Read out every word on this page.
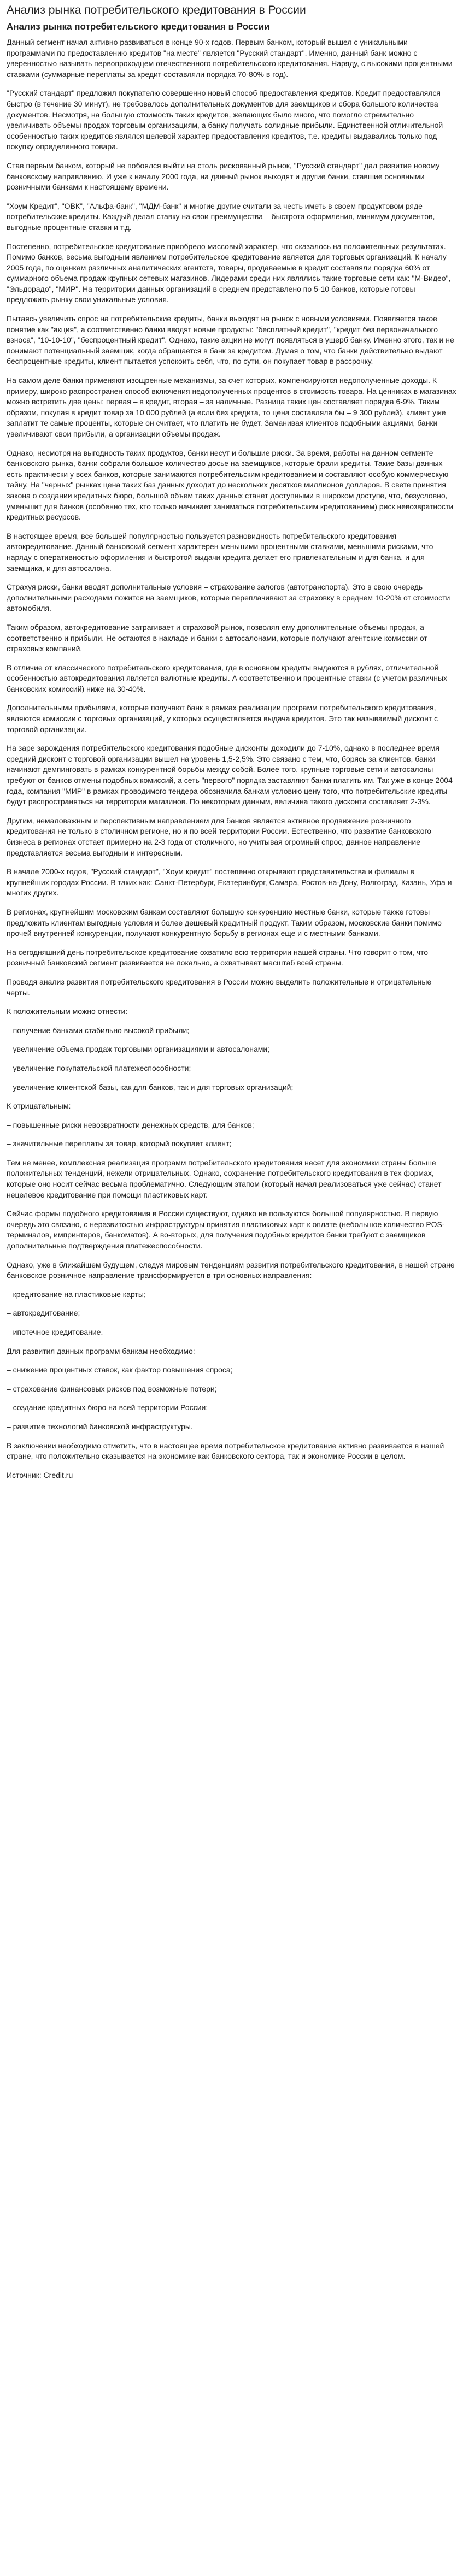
Анализ рынка потребительского кредитования в России
Анализ рынка потребительского кредитования в России

Данный сегмент начал активно развиваться в конце 90-х годов. Первым банком, который вышел с уникальными программами по предоставлению кредитов "на месте" является "Русский стандарт". Именно, данный банк можно с уверенностью называть первопроходцем отечественного потребительского кредитования. Наряду, с высокими процентными ставками (суммарные переплаты за кредит составляли порядка 70-80% в год).

"Русский стандарт" предложил покупателю совершенно новый способ предоставления кредитов. Кредит предоставлялся быстро (в течение 30 минут), не требовалось дополнительных документов для заемщиков и сбора большого количества документов. Несмотря, на большую стоимость таких кредитов, желающих было много, что помогло стремительно увеличивать объемы продаж торговым организациям, а банку получать солидные прибыли. Единственной отличительной особенностью таких кредитов являлся целевой характер предоставления кредитов, т.е. кредиты выдавались только под покупку определенного товара.

Став первым банком, который не побоялся выйти на столь рискованный рынок, "Русский стандарт" дал развитие новому банковскому направлению. И уже к началу 2000 года, на данный рынок выходят и другие банки, ставшие основными розничными банками к настоящему времени.

"Хоум Кредит", "ОВК", "Альфа-банк", "МДМ-банк" и многие другие считали за честь иметь в своем продуктовом ряде потребительские кредиты. Каждый делал ставку на свои преимущества – быстрота оформления, минимум документов, выгодные процентные ставки и т.д.

Постепенно, потребительское кредитование приобрело массовый характер, что сказалось на положительных результатах. Помимо банков, весьма выгодным явлением потребительское кредитование является для торговых организаций. К началу 2005 года, по оценкам различных аналитических агентств, товары, продаваемые в кредит составляли порядка 60% от суммарного объема продаж крупных сетевых магазинов. Лидерами среди них являлись такие торговые сети как: "М-Видео", "Эльдорадо", "МИР". На территории данных организаций в среднем представлено по 5-10 банков, которые готовы предложить рынку свои уникальные условия.

Пытаясь увеличить спрос на потребительские кредиты, банки выходят на рынок с новыми условиями. Появляется такое понятие как "акция", а соответственно банки вводят новые продукты: "бесплатный кредит", "кредит без первоначального взноса", "10-10-10", "беспроцентный кредит". Однако, такие акции не могут появляться в ущерб банку. Именно этого, так и не понимают потенциальный заемщик, когда обращается в банк за кредитом. Думая о том, что банки действительно выдают беспроцентные кредиты, клиент пытается успокоить себя, что, по сути, он покупает товар в рассрочку.

На самом деле банки применяют изощренные механизмы, за счет которых, компенсируются недополученные доходы. К примеру, широко распространен способ включения недополученных процентов в стоимость товара. На ценниках в магазинах можно встретить две цены: первая – в кредит, вторая – за наличные. Разница таких цен составляет порядка 6-9%. Таким образом, покупая в кредит товар за 10 000 рублей (а если без кредита, то цена составляла бы – 9 300 рублей), клиент уже заплатит те самые проценты, которые он считает, что платить не будет. Заманивая клиентов подобными акциями, банки увеличивают свои прибыли, а организации объемы продаж.

Однако, несмотря на выгодность таких продуктов, банки несут и большие риски. За время, работы на данном сегменте банковского рынка, банки собрали большое количество досье на заемщиков, которые брали кредиты. Такие базы данных есть практически у всех банков, которые занимаются потребительским кредитованием и составляют особую коммерческую тайну. На "черных" рынках цена таких баз данных доходит до нескольких десятков миллионов долларов. В свете принятия закона о создании кредитных бюро, большой объем таких данных станет доступными в широком доступе, что, безусловно, уменьшит для банков (особенно тех, кто только начинает заниматься потребительским кредитованием) риск невозвратности кредитных ресурсов.

В настоящее время, все большей популярностью пользуется разновидность потребительского кредитования – автокредитование. Данный банковский сегмент характерен меньшими процентными ставками, меньшими рисками, что наряду с оперативностью оформления и быстротой выдачи кредита делает его привлекательным и для банка, и для заемщика, и для автосалона.

Страхуя риски, банки вводят дополнительные условия – страхование залогов (автотранспорта). Это в свою очередь дополнительными расходами ложится на заемщиков, которые переплачивают за страховку в среднем 10-20% от стоимости автомобиля.

Таким образом, автокредитование затрагивает и страховой рынок, позволяя ему дополнительные объемы продаж, а соответственно и прибыли. Не остаются в накладе и банки с автосалонами, которые получают агентские комиссии от страховых компаний.

В отличие от классического потребительского кредитования, где в основном кредиты выдаются в рублях, отличительной особенностью автокредитования является валютные кредиты. А соответственно и процентные ставки (с учетом различных банковских комиссий) ниже на 30-40%.

Дополнительными прибылями, которые получают банк в рамках реализации программ потребительского кредитования, являются комиссии с торговых организаций, у которых осуществляется выдача кредитов. Это так называемый дисконт с торговой организации.

На заре зарождения потребительского кредитования подобные дисконты доходили до 7-10%, однако в последнее время средний дисконт с торговой организации вышел на уровень 1,5-2,5%. Это связано с тем, что, борясь за клиентов, банки начинают демпинговать в рамках конкурентной борьбы между собой. Более того, крупные торговые сети и автосалоны требуют от банков отмены подобных комиссий, а сеть "первого" порядка заставляют банки платить им. Так уже в конце 2004 года, компания "МИР" в рамках проводимого тендера обозначила банкам условию цену того, что потребительские кредиты будут распространяться на территории магазинов. По некоторым данным, величина такого дисконта составляет 2-3%.

Другим, немаловажным и перспективным направлением для банков является активное продвижение розничного кредитования не только в столичном регионе, но и по всей территории России. Естественно, что развитие банковского бизнеса в регионах отстает примерно на 2-3 года от столичного, но учитывая огромный спрос, данное направление представляется весьма выгодным и интересным.

В начале 2000-х годов, "Русский стандарт", "Хоум кредит" постепенно открывают представительства и филиалы в крупнейших городах России. В таких как: Санкт-Петербург, Екатеринбург, Самара, Ростов-на-Дону, Волгоград, Казань, Уфа и многих других.

В регионах, крупнейшим московским банкам составляют большую конкуренцию местные банки, которые также готовы предложить клиентам выгодные условия и более дешевый кредитный продукт. Таким образом, московские банки помимо прочей внутренней конкуренции, получают конкурентную борьбу в регионах еще и с местными банками.

На сегодняшний день потребительское кредитование охватило всю территории нашей страны. Что говорит о том, что розничный банковский сегмент развивается не локально, а охватывает масштаб всей страны.

Проводя анализ развития потребительского кредитования в России можно выделить положительные и отрицательные черты.

К положительным можно отнести:

– получение банками стабильно высокой прибыли;

– увеличение объема продаж торговыми организациями и автосалонами;

– увеличение покупательской платежеспособности;

– увеличение клиентской базы, как для банков, так и для торговых организаций;

К отрицательным:

– повышенные риски невозвратности денежных средств, для банков;

– значительные переплаты за товар, который покупает клиент;

Тем не менее, комплексная реализация программ потребительского кредитования несет для экономики страны больше положительных тенденций, нежели отрицательных. Однако, сохранение потребительского кредитования в тех формах, которые оно носит сейчас весьма проблематично. Следующим этапом (который начал реализоваться уже сейчас) станет нецелевое кредитование при помощи пластиковых карт.

Сейчас формы подобного кредитования в России существуют, однако не пользуются большой популярностью. В первую очередь это связано, с неразвитостью инфраструктуры принятия пластиковых карт к оплате (небольшое количество POS-терминалов, импринтеров, банкоматов). А во-вторых, для получения подобных кредитов банки требуют с заемщиков дополнительные подтверждения платежеспособности.

Однако, уже в ближайшем будущем, следуя мировым тенденциям развития потребительского кредитования, в нашей стране банковское розничное направление трансформируется в три основных направления:

– кредитование на пластиковые карты;

– автокредитование;

– ипотечное кредитование.

Для развития данных программ банкам необходимо:

– снижение процентных ставок, как фактор повышения спроса;

– страхование финансовых рисков под возможные потери;

– создание кредитных бюро на всей территории России;

– развитие технологий банковской инфраструктуры.

В заключении необходимо отметить, что в настоящее время потребительское кредитование активно развивается в нашей стране, что положительно сказывается на экономике как банковского сектора, так и экономике России в целом.

Источник: Credit.ru
